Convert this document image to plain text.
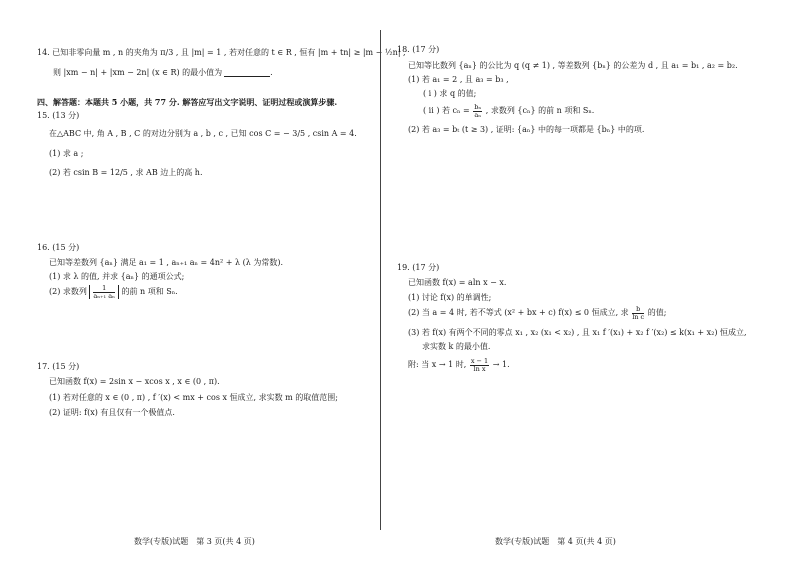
14. 已知非零向量 m , n 的夹角为 π/3 , 且 |m| = 1 , 若对任意的 t ∈ R , 恒有 |m + tn| ≥ |m − ½n| ,
则 |xm − n| + |xm − 2n| (x ∈ R) 的最小值为	.
四、解答题：本题共 5 小题，共 77 分. 解答应写出文字说明、证明过程或演算步骤.
15. (13 分)
在△ABC 中, 角 A , B , C 的对边分别为 a , b , c , 已知 cos C = − 3/5 , csin A = 4.
(1) 求 a ;
(2) 若 csin B = 12/5 , 求 AB 边上的高 h.
16. (15 分)
已知等差数列 {aₙ} 满足 a₁ = 1 , aₙ₊₁ aₙ = 4n² + λ (λ 为常数).
(1) 求 λ 的值, 并求 {aₙ} 的通项公式;
(2) 求数列 $\frac{1}{\text{aₙ₊₁ aₙ}}$ 的前 n 项和 Sₙ.
17. (15 分)
已知函数 f(x) = 2sin x − xcos x , x ∈ (0 , π).
(1) 若对任意的 x ∈ (0 , π) , f ′(x) < mx + cos x 恒成立, 求实数 m 的取值范围;
(2) 证明: f(x) 有且仅有一个极值点.
数学(专版)试题　第 3 页(共 4 页)
18. (17 分)
已知等比数列 {aₙ} 的公比为 q (q ≠ 1) , 等差数列 {bₙ} 的公差为 d , 且 a₁ = b₁ , a₂ = b₂.
(1) 若 a₁ = 2 , 且 a₃ = b₃ ,
( ⅰ ) 求 q 的值;
( ⅱ ) 若 $c_n = \frac{\text{bₙ}}{\text{aₙ}}$ , 求数列 {cₙ} 的前 n 项和 Sₙ.
(2) 若 a₃ = bₜ (t ≥ 3) , 证明: {aₙ} 中的每一项都是 {bₙ} 中的项.
19. (17 分)
已知函数 f(x) = aln x − x.
(1) 讨论 f(x) 的单调性;
(2) 当 a = 4 时, 若不等式 (x² + bx + c) f(x) ≤ 0 恒成立, 求 $\frac{b}{\text{ln c}}$ 的值;
(3) 若 f(x) 有两个不同的零点 x₁ , x₂ (x₁ < x₂) , 且 x₁ f ′(x₁) + x₂ f ′(x₂) ≤ k(x₁ + x₂) 恒成立,
求实数 k 的最小值.
附: 当 x → 1 时, $\frac{x - 1}{\text{ln x}} \to 1$.
数学(专版)试题　第 4 页(共 4 页)
